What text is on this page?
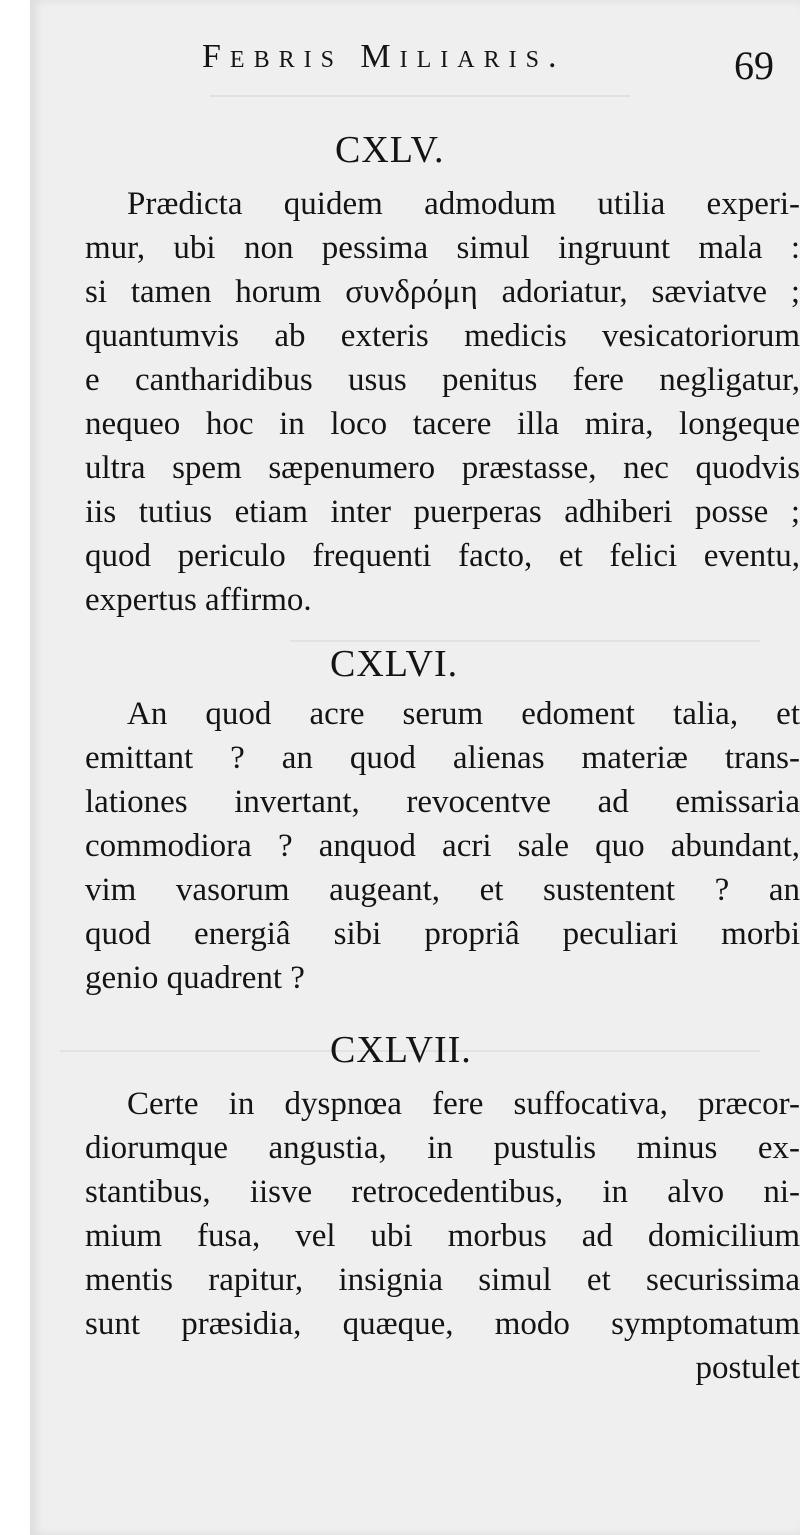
Febris Miliaris.	69
CXLV.
Prædicta quidem admodum utilia experi-
mur, ubi non pessima simul ingruunt mala :
si tamen horum συνδρόμη adoriatur, sæviatve ;
quantumvis ab exteris medicis vesicatoriorum
e cantharidibus usus penitus fere negligatur,
nequeo hoc in loco tacere illa mira, longeque
ultra spem sæpenumero præstasse, nec quodvis
iis tutius etiam inter puerperas adhiberi posse ;
quod periculo frequenti facto, et felici eventu,
expertus affirmo.
CXLVI.
An quod acre serum edoment talia, et
emittant ? an quod alienas materiæ trans-
lationes invertant, revocentve ad emissaria
commodiora ? anquod acri sale quo abundant,
vim vasorum augeant, et sustentent ? an
quod energiâ sibi propriâ peculiari morbi
genio quadrent ?
CXLVII.
Certe in dyspnœa fere suffocativa, præcor-
diorumque angustia, in pustulis minus ex-
stantibus, iisve retrocedentibus, in alvo ni-
mium fusa, vel ubi morbus ad domicilium
mentis rapitur, insignia simul et securissima
sunt præsidia, quæque, modo symptomatum
postulet
